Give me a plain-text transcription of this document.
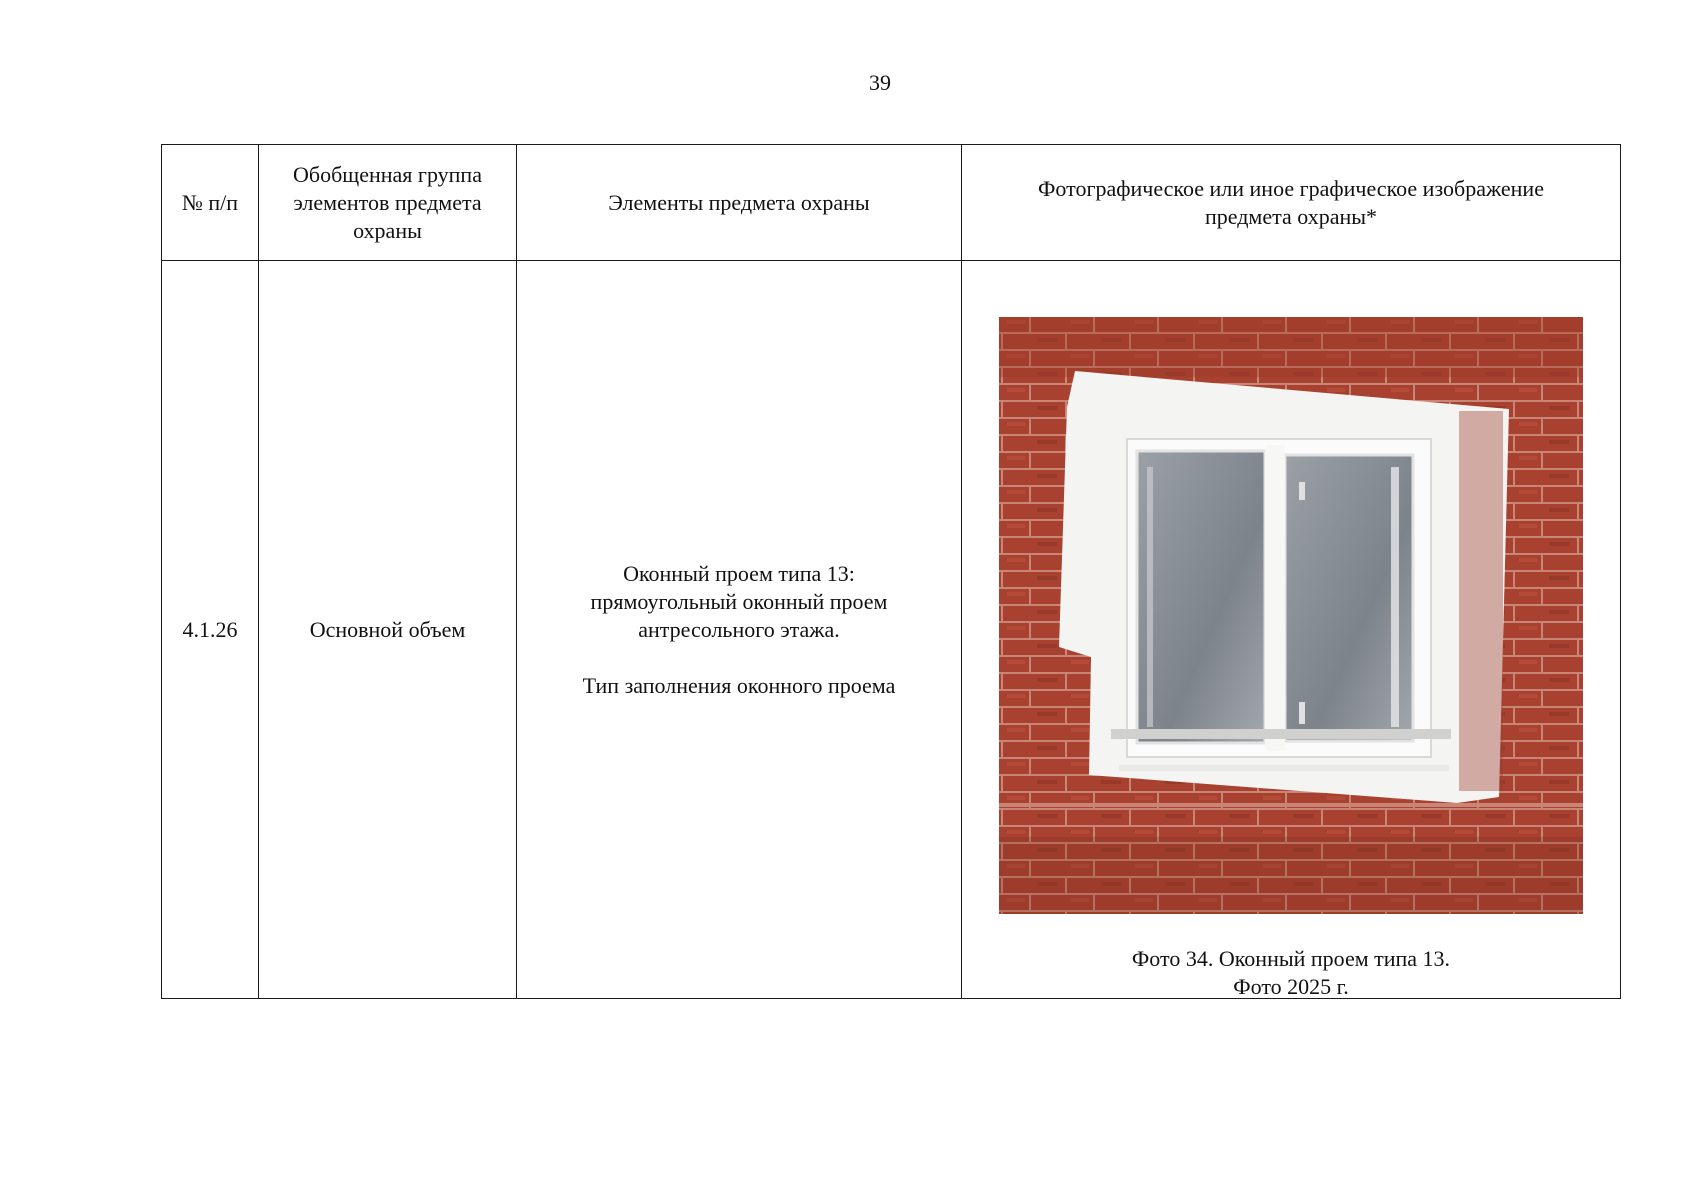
39
№ п/п	Обобщенная группа элементов предмета охраны	Элементы предмета охраны	Фотографическое или иное графическое изображение предмета охраны*
4.1.26	Основной объем	Оконный проем типа 13:
прямоугольный оконный проем
антресольного этажа.

Тип заполнения оконного проема	Фото 34. Оконный проем типа 13.
Фото 2025 г.
